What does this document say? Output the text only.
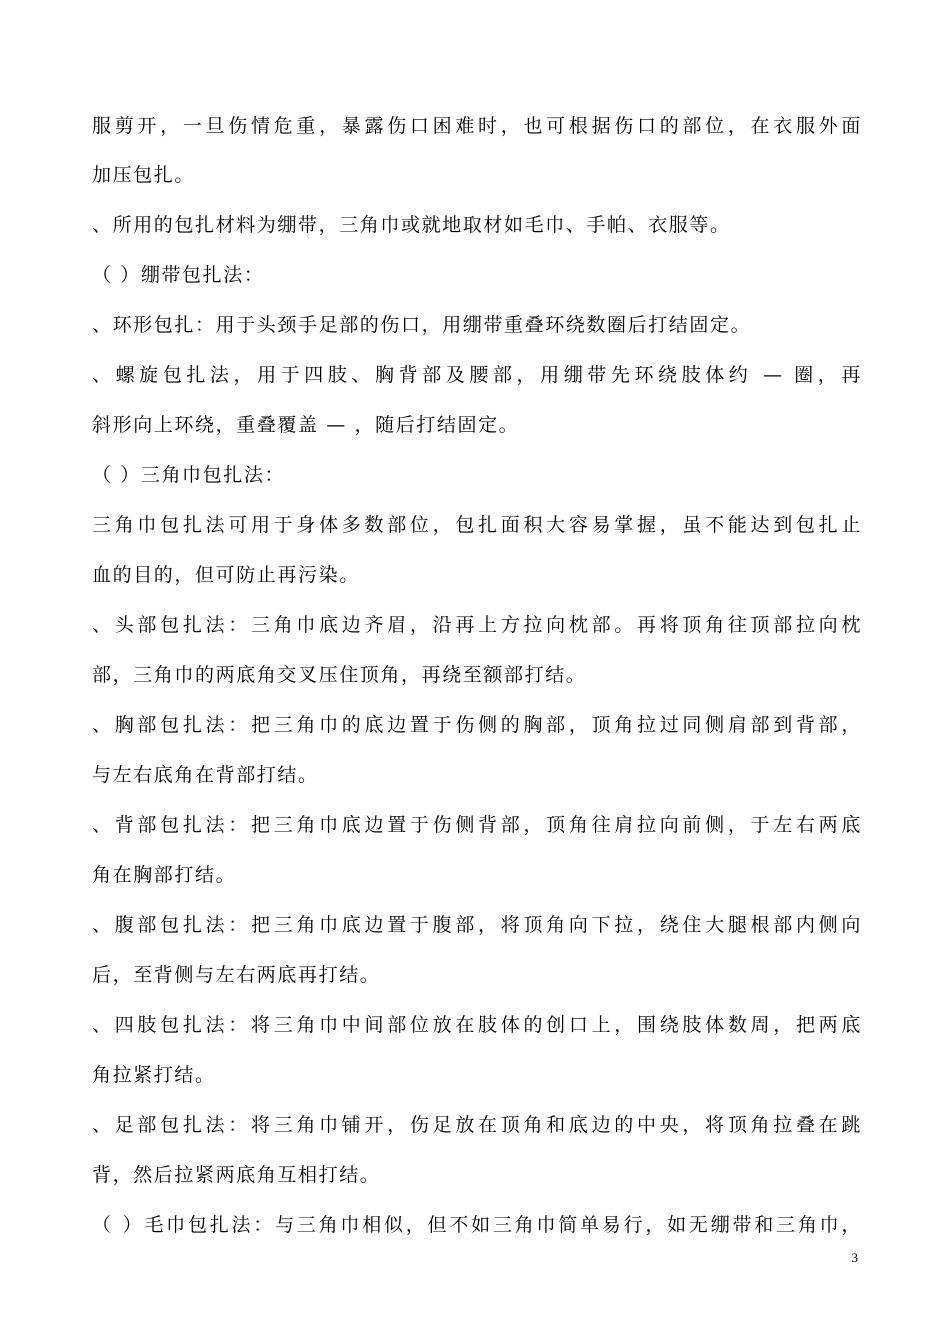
服剪开，一旦伤情危重，暴露伤口困难时，也可根据伤口的部位，在衣服外面
加压包扎。
、所用的包扎材料为绷带，三角巾或就地取材如毛巾、手帕、衣服等。
（ ）绷带包扎法：
、环形包扎：用于头颈手足部的伤口，用绷带重叠环绕数圈后打结固定。
、螺旋包扎法，用于四肢、胸背部及腰部，用绷带先环绕肢体约 — 圈，再
斜形向上环绕，重叠覆盖 — ，随后打结固定。
（ ）三角巾包扎法：
三角巾包扎法可用于身体多数部位，包扎面积大容易掌握，虽不能达到包扎止
血的目的，但可防止再污染。
、头部包扎法：三角巾底边齐眉，沿再上方拉向枕部。再将顶角往顶部拉向枕
部，三角巾的两底角交叉压住顶角，再绕至额部打结。
、胸部包扎法：把三角巾的底边置于伤侧的胸部，顶角拉过同侧肩部到背部，
与左右底角在背部打结。
、背部包扎法：把三角巾底边置于伤侧背部，顶角往肩拉向前侧，于左右两底
角在胸部打结。
、腹部包扎法：把三角巾底边置于腹部，将顶角向下拉，绕住大腿根部内侧向
后，至背侧与左右两底再打结。
、四肢包扎法：将三角巾中间部位放在肢体的创口上，围绕肢体数周，把两底
角拉紧打结。
、足部包扎法：将三角巾铺开，伤足放在顶角和底边的中央，将顶角拉叠在跳
背，然后拉紧两底角互相打结。
（ ）毛巾包扎法：与三角巾相似，但不如三角巾简单易行，如无绷带和三角巾，
3
